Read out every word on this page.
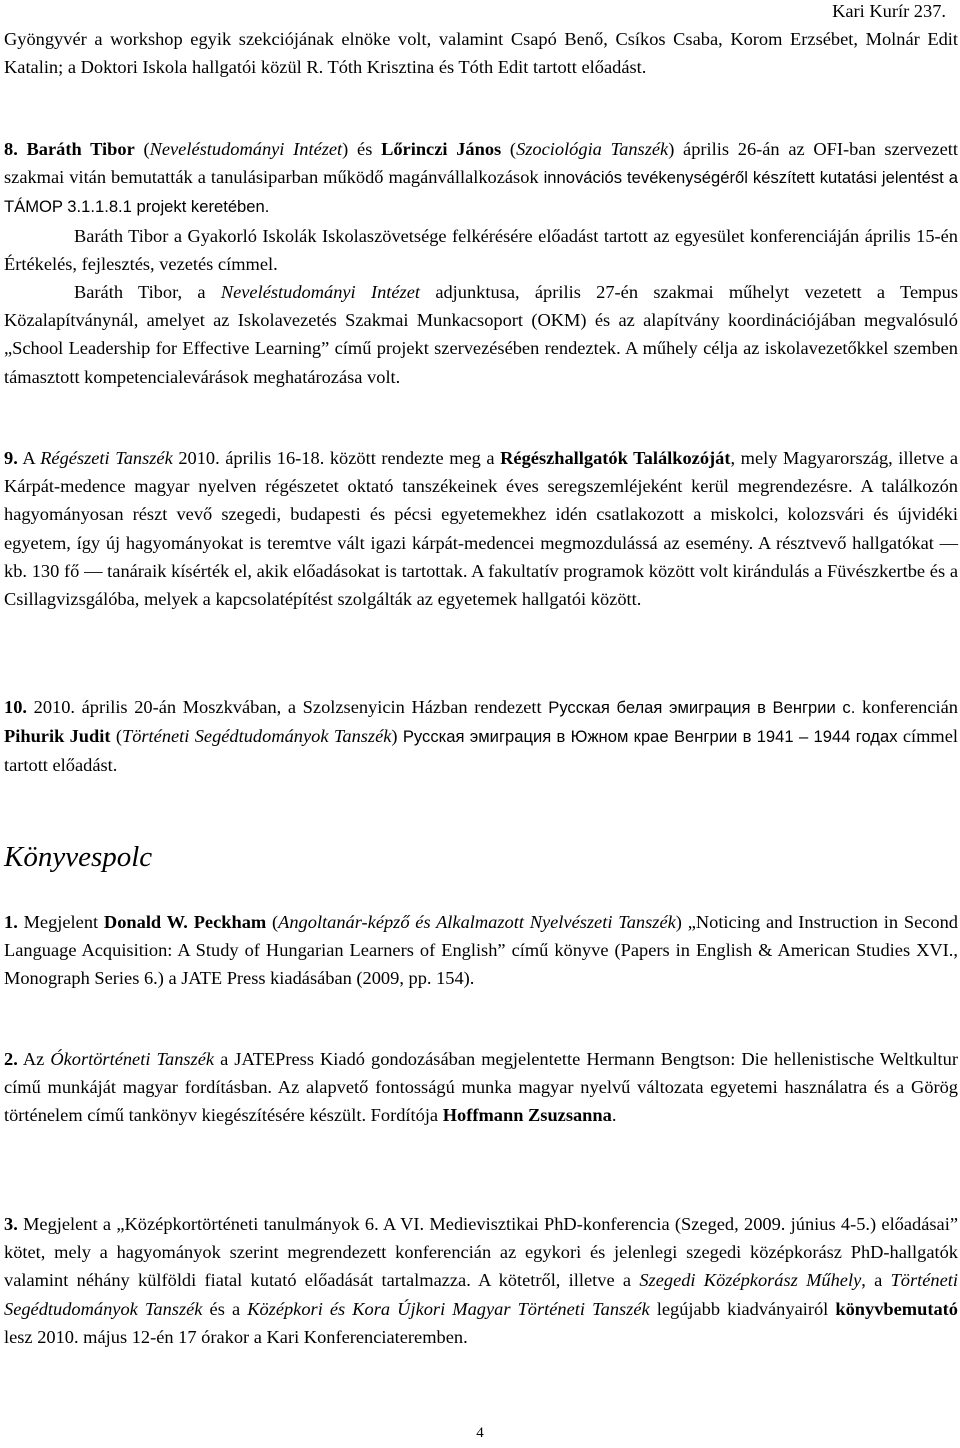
Kari Kurír 237.

Gyöngyvér a workshop egyik szekciójának elnöke volt, valamint Csapó Benő, Csíkos Csaba, Korom Erzsébet, Molnár Edit Katalin; a Doktori Iskola hallgatói közül R. Tóth Krisztina és Tóth Edit tartott előadást.

8. Baráth Tibor (Neveléstudományi Intézet) és Lőrinczi János (Szociológia Tanszék) április 26-án az OFI-ban szervezett szakmai vitán bemutatták a tanulásiparban működő magánvállalkozások innovációs tevékenységéről készített kutatási jelentést a TÁMOP 3.1.1.8.1 projekt keretében.

Baráth Tibor a Gyakorló Iskolák Iskolaszövetsége felkérésére előadást tartott az egyesület konferenciáján április 15-én Értékelés, fejlesztés, vezetés címmel.

Baráth Tibor, a Neveléstudományi Intézet adjunktusa, április 27-én szakmai műhelyt vezetett a Tempus Közalapítványnál, amelyet az Iskolavezetés Szakmai Munkacsoport (OKM) és az alapítvány koordinációjában megvalósuló „School Leadership for Effective Learning” című projekt szervezésében rendeztek. A műhely célja az iskolavezetőkkel szemben támasztott kompetencialevárások meghatározása volt.

9. A Régészeti Tanszék 2010. április 16-18. között rendezte meg a Régészhallgatók Találkozóját, mely Magyarország, illetve a Kárpát-medence magyar nyelven régészetet oktató tanszékeinek éves seregszemléjeként kerül megrendezésre. A találkozón hagyományosan részt vevő szegedi, budapesti és pécsi egyetemekhez idén csatlakozott a miskolci, kolozsvári és újvidéki egyetem, így új hagyományokat is teremtve vált igazi kárpát-medencei megmozdulássá az esemény. A résztvevő hallgatókat — kb. 130 fő — tanáraik kísérték el, akik előadásokat is tartottak. A fakultatív programok között volt kirándulás a Füvészkertbe és a Csillagvizsgálóba, melyek a kapcsolatépítést szolgálták az egyetemek hallgatói között.

10. 2010. április 20-án Moszkvában, a Szolzsenyicin Házban rendezett Русская белая эмиграция в Венгрии с. konferencián Pihurik Judit (Történeti Segédtudományok Tanszék) Русская эмиграция в Южном крае Венгрии в 1941 – 1944 годах címmel tartott előadást.

Könyvespolc

1. Megjelent Donald W. Peckham (Angoltanár-képző és Alkalmazott Nyelvészeti Tanszék) „Noticing and Instruction in Second Language Acquisition: A Study of Hungarian Learners of English” című könyve (Papers in English & American Studies XVI., Monograph Series 6.) a JATE Press kiadásában (2009, pp. 154).

2. Az Ókortörténeti Tanszék a JATEPress Kiadó gondozásában megjelentette Hermann Bengtson: Die hellenistische Weltkultur című munkáját magyar fordításban. Az alapvető fontosságú munka magyar nyelvű változata egyetemi használatra és a Görög történelem című tankönyv kiegészítésére készült. Fordítója Hoffmann Zsuzsanna.

3. Megjelent a „Középkortörténeti tanulmányok 6. A VI. Medievisztikai PhD-konferencia (Szeged, 2009. június 4-5.) előadásai” kötet, mely a hagyományok szerint megrendezett konferencián az egykori és jelenlegi szegedi középkorász PhD-hallgatók valamint néhány külföldi fiatal kutató előadását tartalmazza. A kötetről, illetve a Szegedi Középkorász Műhely, a Történeti Segédtudományok Tanszék és a Középkori és Kora Újkori Magyar Történeti Tanszék legújabb kiadványairól könyvbemutató lesz 2010. május 12-én 17 órakor a Kari Konferenciateremben.

4
